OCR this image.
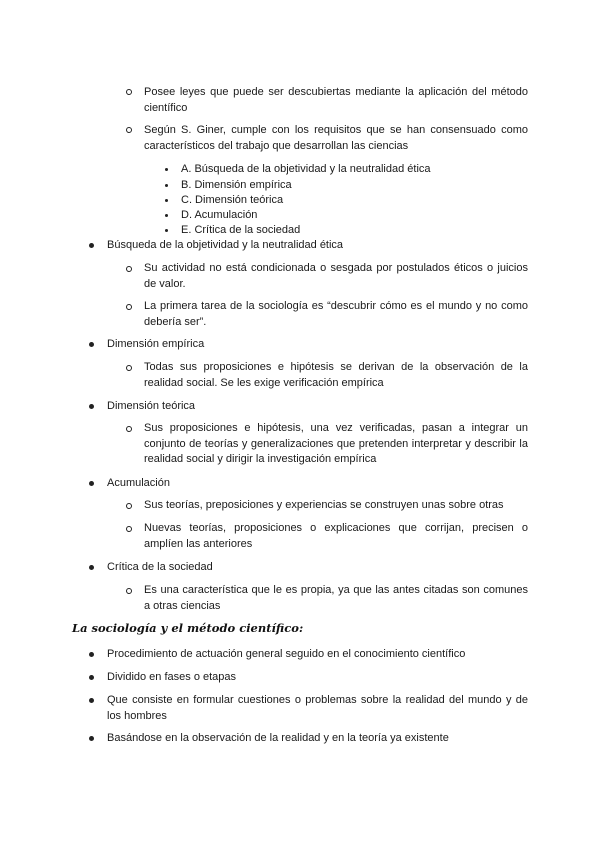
Posee leyes que puede ser descubiertas mediante la aplicación del método científico
Según S. Giner, cumple con los requisitos que se han consensuado como característicos del trabajo que desarrollan las ciencias
A. Búsqueda de la objetividad y la neutralidad ética
B. Dimensión empírica
C. Dimensión teórica
D. Acumulación
E. Crítica de la sociedad
Búsqueda de la objetividad y la neutralidad ética
Su actividad no está condicionada o sesgada por postulados éticos o juicios de valor.
La primera tarea de la sociología es “descubrir cómo es el mundo y no como debería ser”.
Dimensión empírica
Todas sus proposiciones e hipótesis se derivan de la observación de la realidad social. Se les exige verificación empírica
Dimensión teórica
Sus proposiciones e hipótesis, una vez verificadas, pasan a integrar un conjunto de teorías y generalizaciones que pretenden interpretar y describir la realidad social y dirigir la investigación empírica
Acumulación
Sus teorías, preposiciones y experiencias se construyen unas sobre otras
Nuevas teorías, proposiciones o explicaciones que corrijan, precisen o amplíen las anteriores
Crítica de la sociedad
Es una característica que le es propia, ya que las antes citadas son comunes a otras ciencias
La sociología y el método científico:
Procedimiento de actuación general seguido en el conocimiento científico
Dividido en fases o etapas
Que consiste en formular cuestiones o problemas sobre la realidad del mundo y de los hombres
Basándose en la observación de la realidad y en la teoría ya existente
